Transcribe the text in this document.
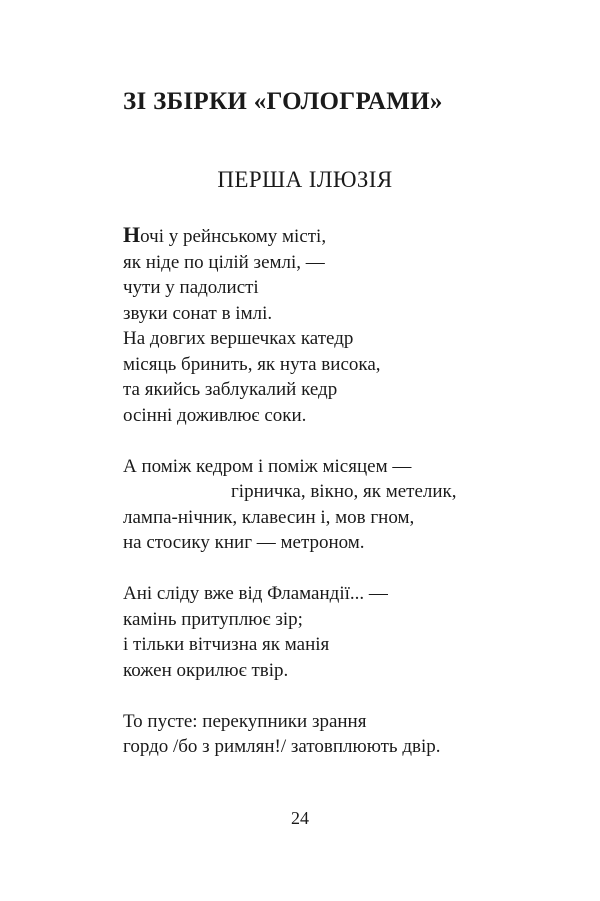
ЗІ ЗБІРКИ «ГОЛОГРАМИ»
ПЕРША ІЛЮЗІЯ
Ночі у рейнському місті,
як ніде по цілій землі, —
чути у падолисті
звуки сонат в імлі.
На довгих вершечках катедр
місяць бринить, як нута висока,
та якийсь заблукалий кедр
осінні доживлює соки.
А поміж кедром і поміж місяцем —
гірничка, вікно, як метелик,
лампа-нічник, клавесин і, мов гном,
на стосику книг — метроном.
Ані сліду вже від Фламандії... —
камінь притуплює зір;
і тільки вітчизна як манія
кожен окрилює твір.
То пусте: перекупники зрання
гордо /бо з римлян!/ затовплюють двір.
24
